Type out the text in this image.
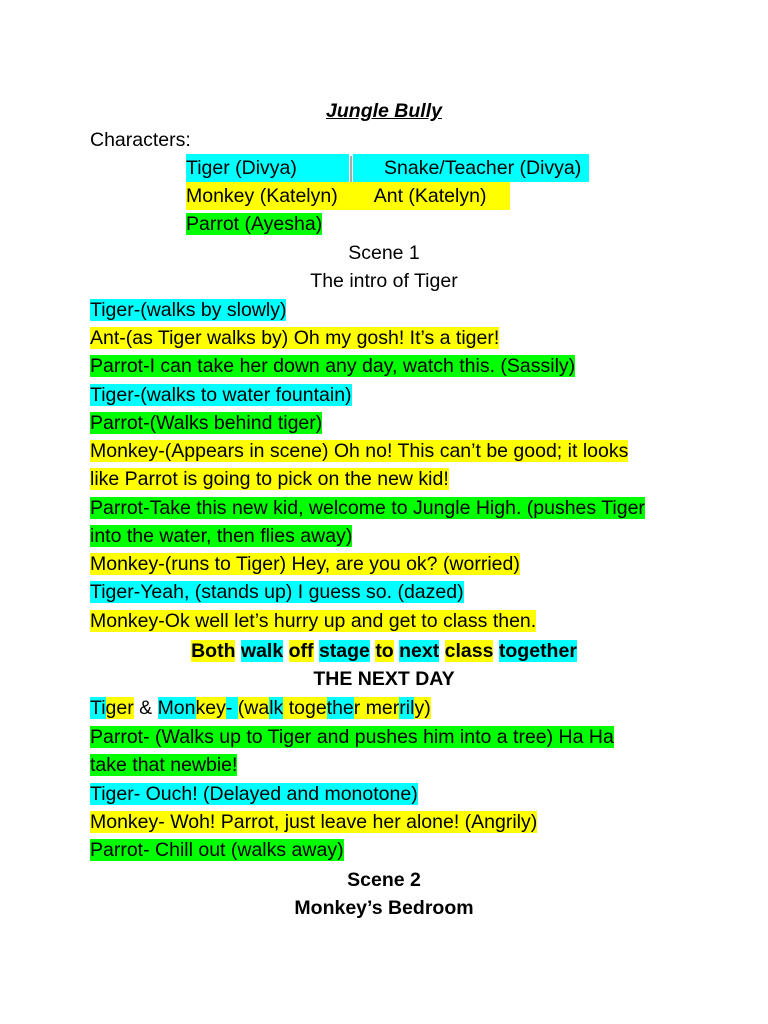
Jungle Bully
Characters:
Tiger (Divya)	Snake/Teacher (Divya)
Monkey (Katelyn) Ant (Katelyn)
Parrot (Ayesha)
Scene 1
The intro of Tiger
Tiger-(walks by slowly)
Ant-(as Tiger walks by) Oh my gosh! It’s a tiger!
Parrot-I can take her down any day, watch this. (Sassily)
Tiger-(walks to water fountain)
Parrot-(Walks behind tiger)
Monkey-(Appears in scene) Oh no! This can’t be good; it looks
like Parrot is going to pick on the new kid!
Parrot-Take this new kid, welcome to Jungle High. (pushes Tiger
into the water, then flies away)
Monkey-(runs to Tiger) Hey, are you ok? (worried)
Tiger-Yeah, (stands up) I guess so. (dazed)
Monkey-Ok well let’s hurry up and get to class then.
Both walk off stage to next class together
THE NEXT DAY
Tiger & Monkey- (walk together merrily)
Parrot- (Walks up to Tiger and pushes him into a tree) Ha Ha
take that newbie!
Tiger- Ouch! (Delayed and monotone)
Monkey- Woh! Parrot, just leave her alone! (Angrily)
Parrot- Chill out (walks away)
Scene 2
Monkey’s Bedroom
